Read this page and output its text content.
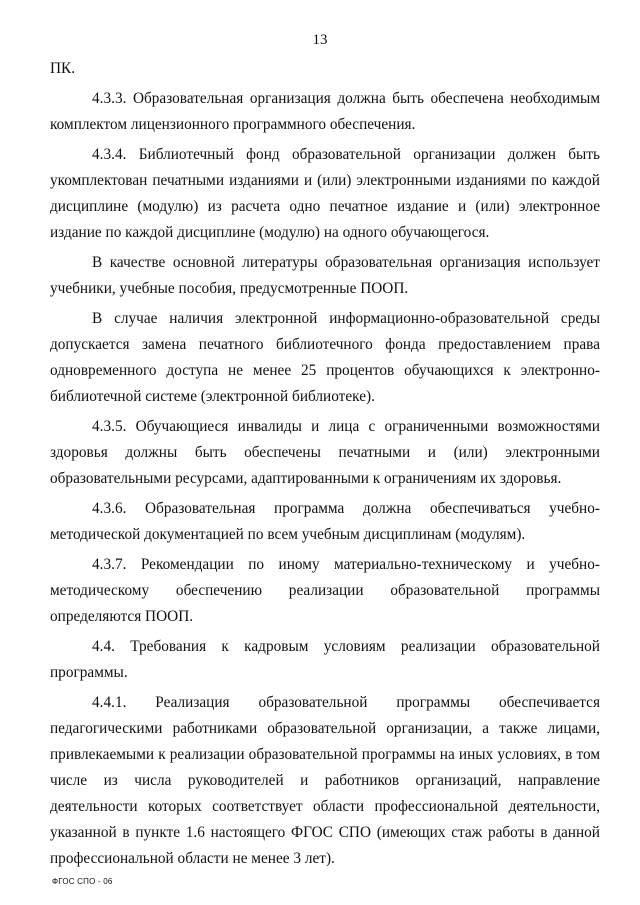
13

ПК.

4.3.3. Образовательная организация должна быть обеспечена необходимым комплектом лицензионного программного обеспечения.

4.3.4. Библиотечный фонд образовательной организации должен быть укомплектован печатными изданиями и (или) электронными изданиями по каждой дисциплине (модулю) из расчета одно печатное издание и (или) электронное издание по каждой дисциплине (модулю) на одного обучающегося.

В качестве основной литературы образовательная организация использует учебники, учебные пособия, предусмотренные ПООП.

В случае наличия электронной информационно-образовательной среды допускается замена печатного библиотечного фонда предоставлением права одновременного доступа не менее 25 процентов обучающихся к электронно-библиотечной системе (электронной библиотеке).

4.3.5. Обучающиеся инвалиды и лица с ограниченными возможностями здоровья должны быть обеспечены печатными и (или) электронными образовательными ресурсами, адаптированными к ограничениям их здоровья.

4.3.6. Образовательная программа должна обеспечиваться учебно-методической документацией по всем учебным дисциплинам (модулям).

4.3.7. Рекомендации по иному материально-техническому и учебно-методическому обеспечению реализации образовательной программы определяются ПООП.

4.4. Требования к кадровым условиям реализации образовательной программы.

4.4.1. Реализация образовательной программы обеспечивается педагогическими работниками образовательной организации, а также лицами, привлекаемыми к реализации образовательной программы на иных условиях, в том числе из числа руководителей и работников организаций, направление деятельности которых соответствует области профессиональной деятельности, указанной в пункте 1.6 настоящего ФГОС СПО (имеющих стаж работы в данной профессиональной области не менее 3 лет).

ФГОС СПО - 06
